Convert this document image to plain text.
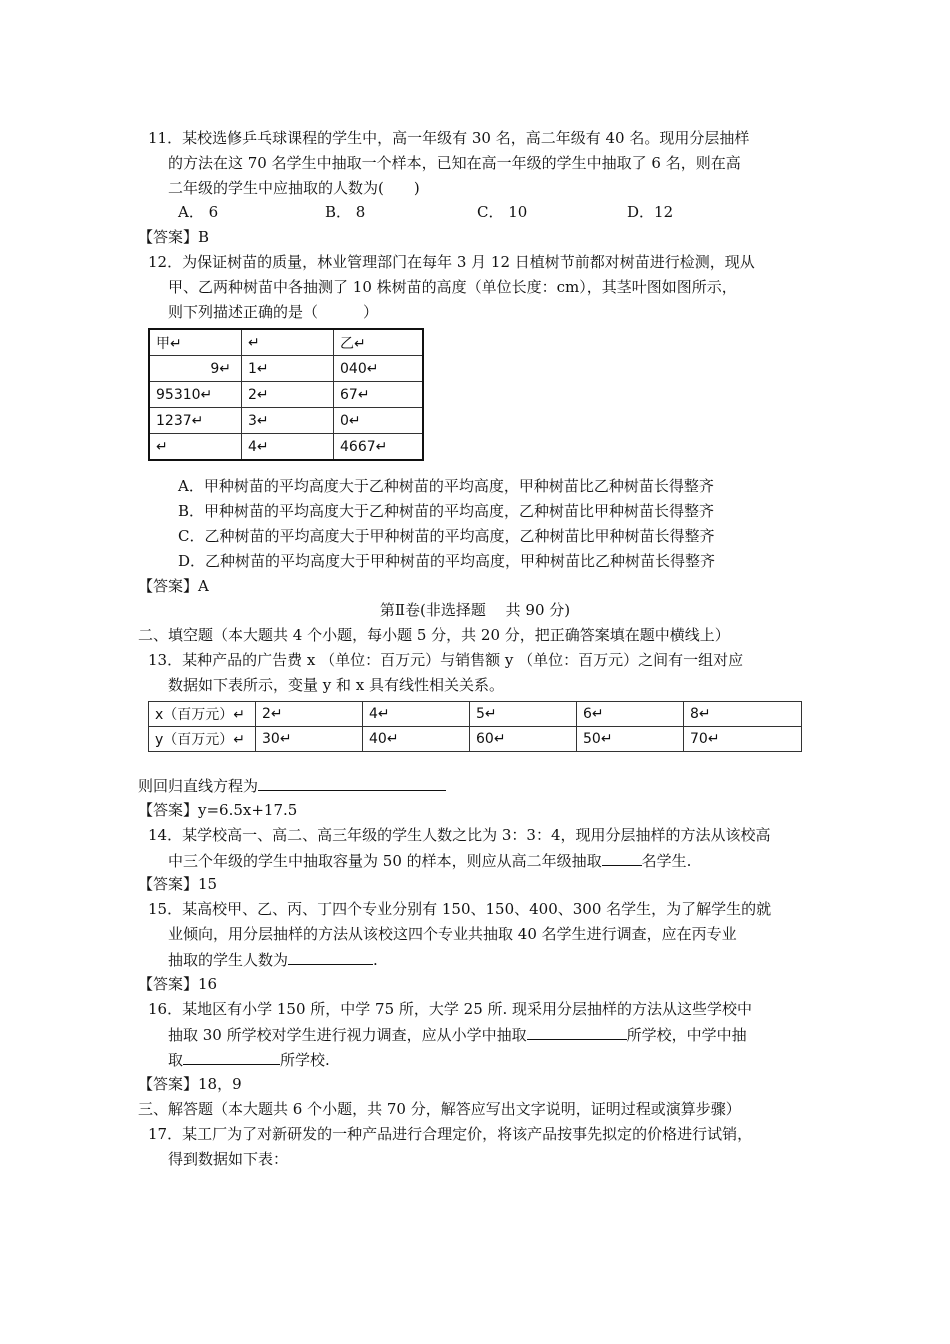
11．某校选修乒乓球课程的学生中，高一年级有 30 名，高二年级有 40 名。现用分层抽样
的方法在这 70 名学生中抽取一个样本，已知在高一年级的学生中抽取了 6 名，则在高
二年级的学生中应抽取的人数为(　　)
A． 6	B． 8	C． 10	D．12
【答案】B
12．为保证树苗的质量，林业管理部门在每年 3 月 12 日植树节前都对树苗进行检测，现从
甲、乙两种树苗中各抽测了 10 株树苗的高度（单位长度：cm），其茎叶图如图所示，
则下列描述正确的是（　　　）
甲↵	↵	乙↵
9↵	1↵	040↵
95310↵	2↵	67↵
1237↵	3↵	0↵
↵	4↵	4667↵
A．甲种树苗的平均高度大于乙种树苗的平均高度，甲种树苗比乙种树苗长得整齐
B．甲种树苗的平均高度大于乙种树苗的平均高度，乙种树苗比甲种树苗长得整齐
C．乙种树苗的平均高度大于甲种树苗的平均高度，乙种树苗比甲种树苗长得整齐
D．乙种树苗的平均高度大于甲种树苗的平均高度，甲种树苗比乙种树苗长得整齐
【答案】A
第Ⅱ卷(非选择题　 共 90 分)
二、填空题（本大题共 4 个小题，每小题 5 分，共 20 分，把正确答案填在题中横线上）
13．某种产品的广告费 x （单位：百万元）与销售额 y （单位：百万元）之间有一组对应
数据如下表所示，变量 y 和 x 具有线性相关关系。
x（百万元）↵	2↵	4↵	5↵	6↵	8↵
y（百万元）↵	30↵	40↵	60↵	50↵	70↵
则回归直线方程为
【答案】y=6.5x+17.5
14．某学校高一、高二、高三年级的学生人数之比为 3：3：4，现用分层抽样的方法从该校高
中三个年级的学生中抽取容量为 50 的样本，则应从高二年级抽取	名学生.
【答案】15
15．某高校甲、乙、丙、丁四个专业分别有 150、150、400、300 名学生，为了解学生的就
业倾向，用分层抽样的方法从该校这四个专业共抽取 40 名学生进行调查，应在丙专业
抽取的学生人数为	.
【答案】16
16．某地区有小学 150 所，中学 75 所，大学 25 所. 现采用分层抽样的方法从这些学校中
抽取 30 所学校对学生进行视力调查，应从小学中抽取	所学校，中学中抽
取	所学校.
【答案】18，9
三、解答题（本大题共 6 个小题，共 70 分，解答应写出文字说明，证明过程或演算步骤）
17．某工厂为了对新研发的一种产品进行合理定价，将该产品按事先拟定的价格进行试销，
得到数据如下表：
